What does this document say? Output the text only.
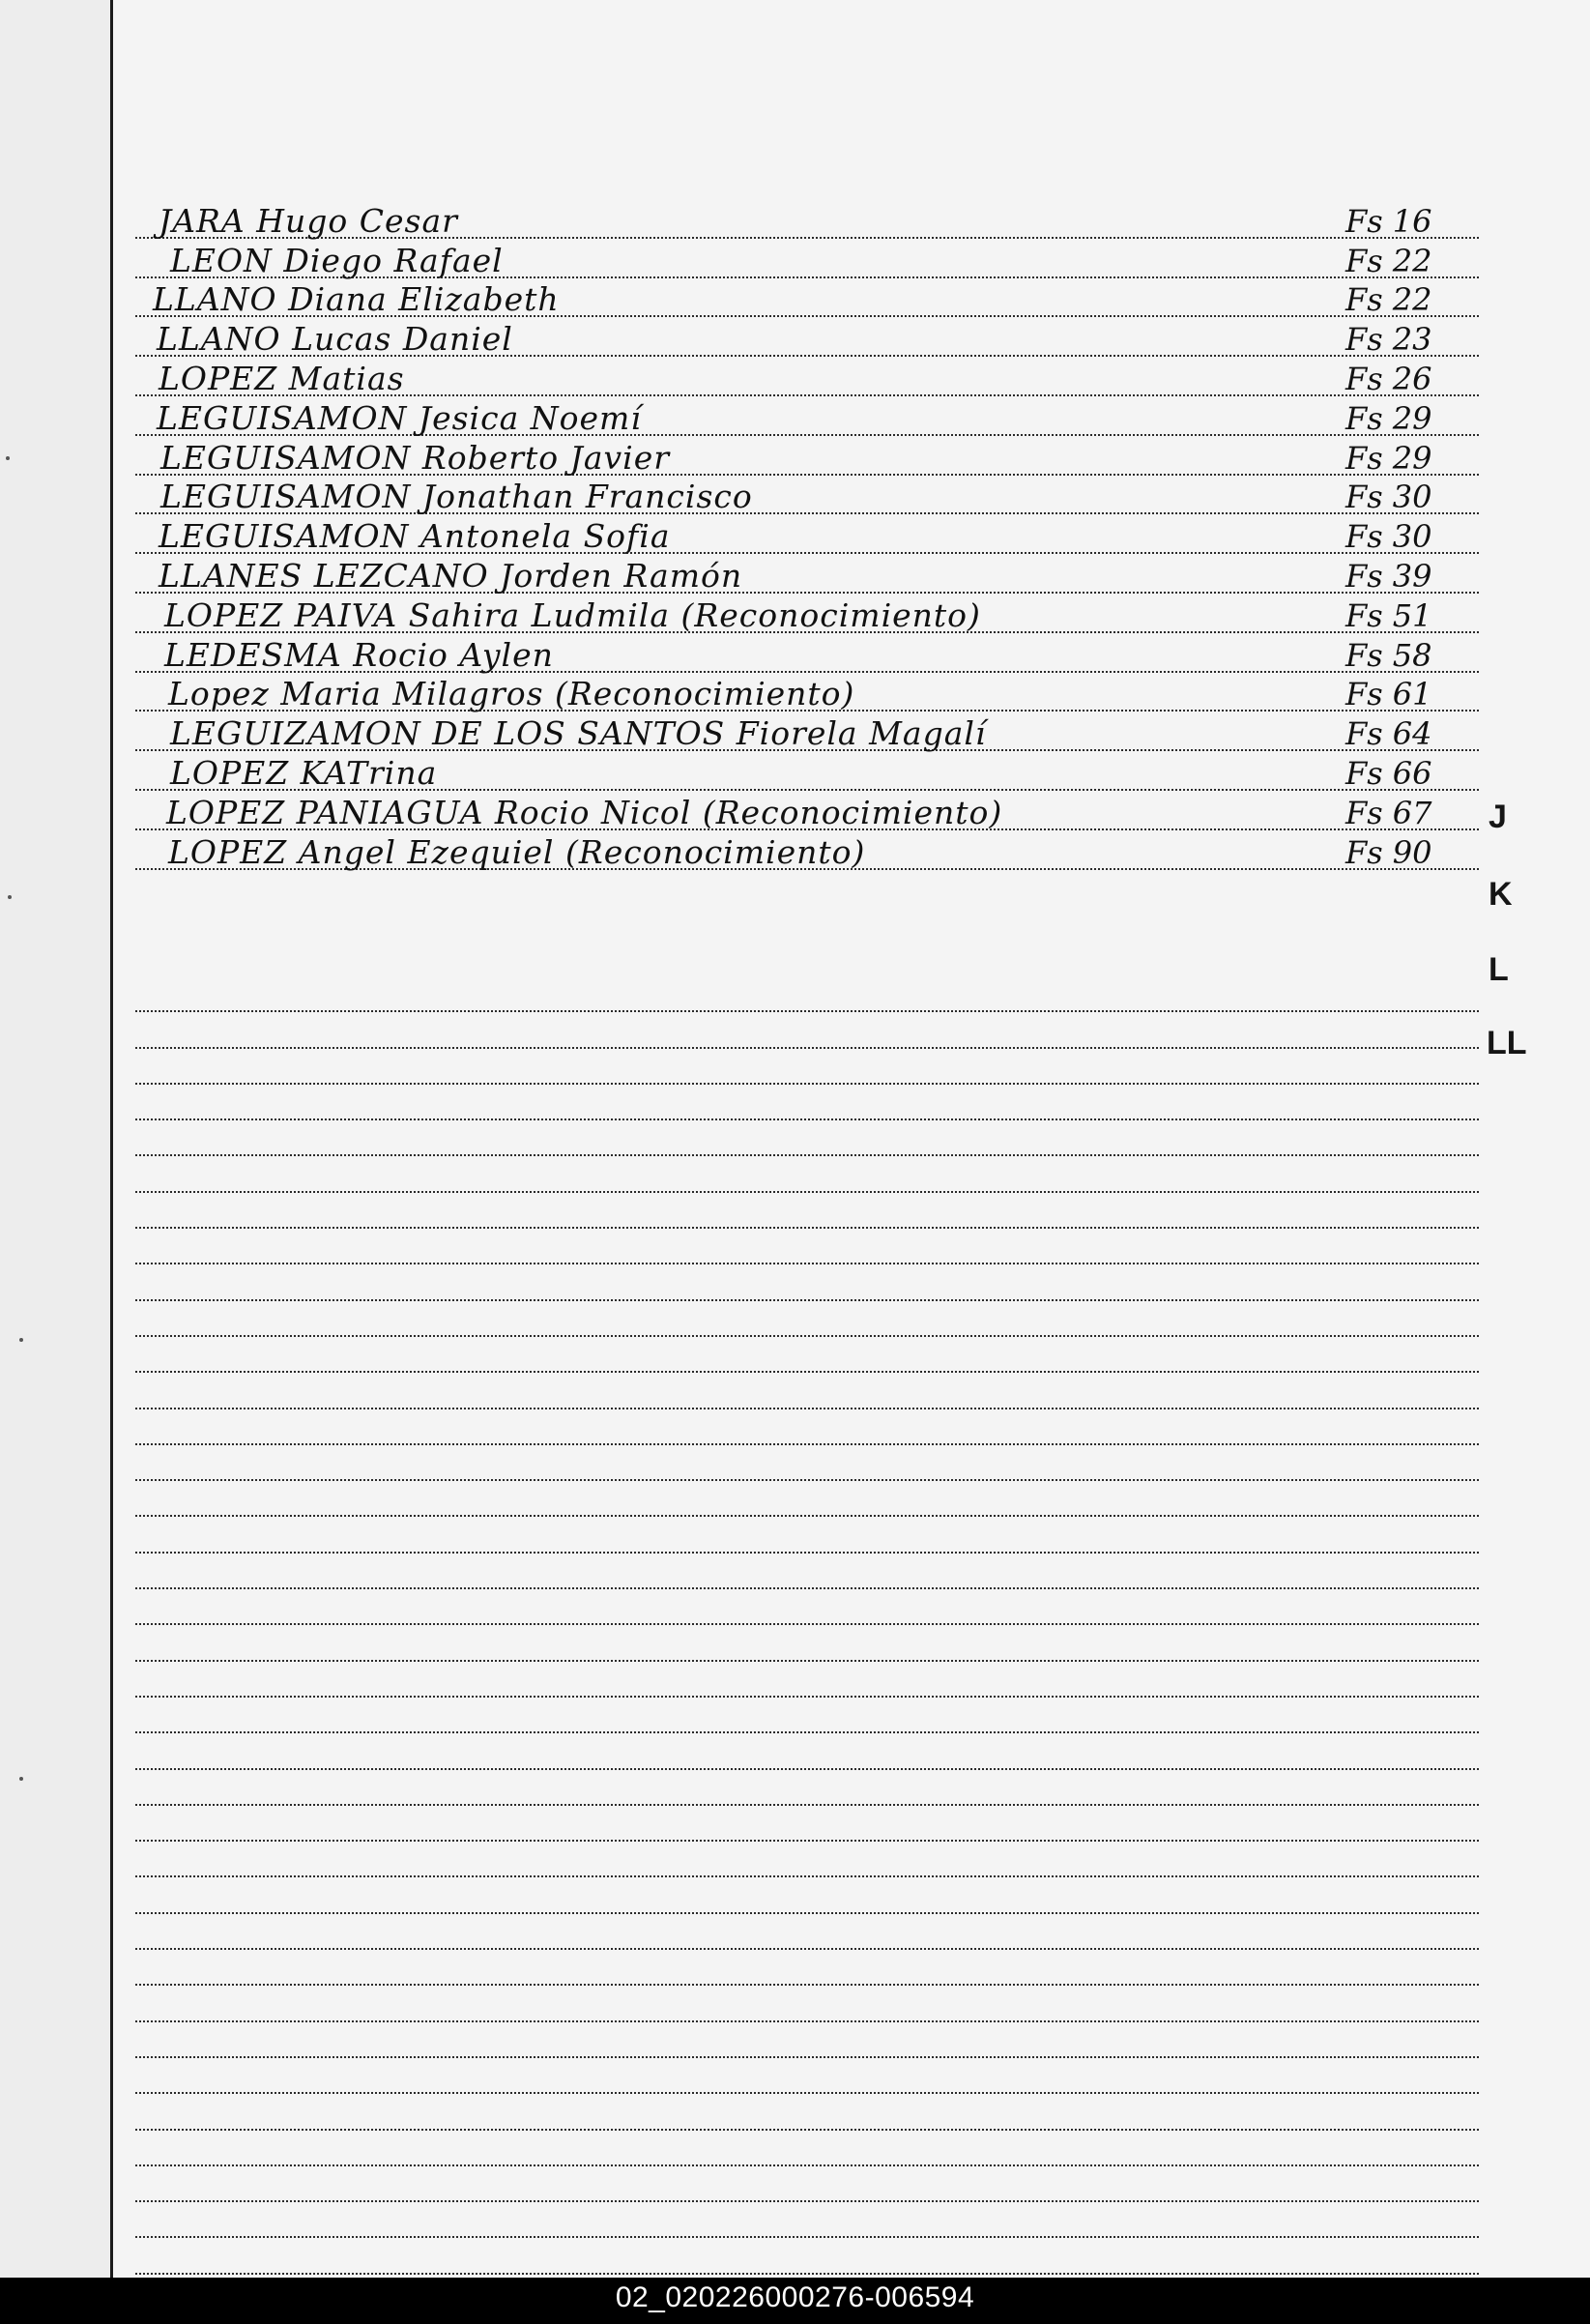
JARA Hugo Cesar	Fs 16
LEON Diego Rafael	Fs 22
LLANO Diana Elizabeth	Fs 22
LLANO Lucas Daniel	Fs 23
LOPEZ Matias	Fs 26
LEGUISAMON Jesica Noemí	Fs 29
LEGUISAMON Roberto Javier	Fs 29
LEGUISAMON Jonathan Francisco	Fs 30
LEGUISAMON Antonela Sofia	Fs 30
LLANES LEZCANO Jorden Ramón	Fs 39
LOPEZ PAIVA Sahira Ludmila (Reconocimiento)	Fs 51
LEDESMA Rocio Aylen	Fs 58
Lopez Maria Milagros (Reconocimiento)	Fs 61
LEGUIZAMON DE LOS SANTOS Fiorela Magalí	Fs 64
LOPEZ KATrina	Fs 66
LOPEZ PANIAGUA Rocio Nicol (Reconocimiento)	Fs 67
LOPEZ Angel Ezequiel (Reconocimiento)	Fs 90
J
K
L
LL
02_020226000276-006594
